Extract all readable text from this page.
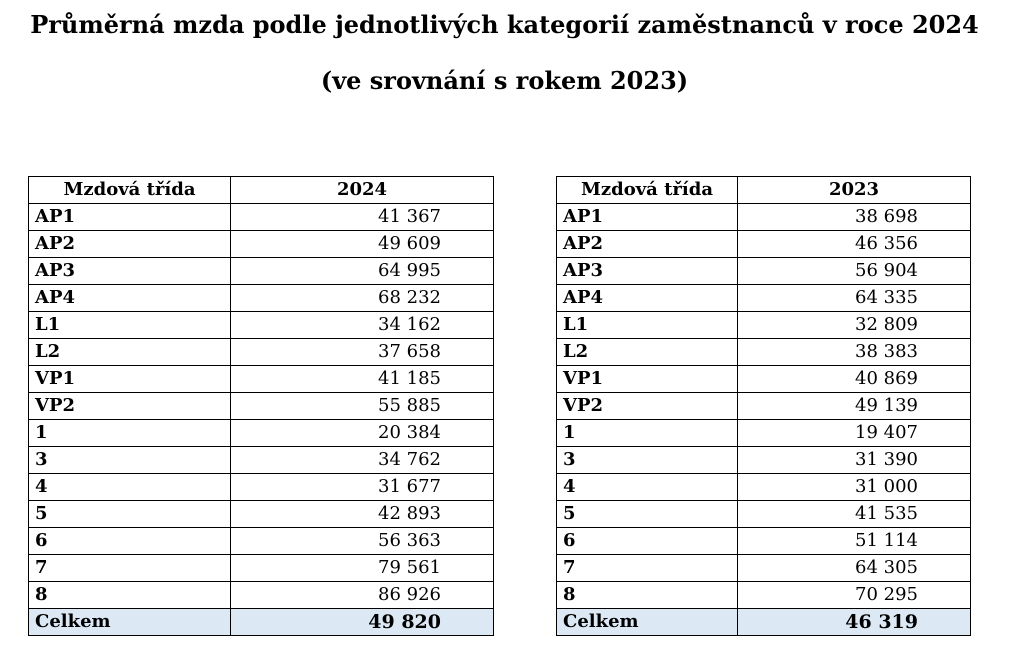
Průměrná mzda podle jednotlivých kategorií zaměstnanců v roce 2024
(ve srovnání s rokem 2023)
Mzdová třída	2024
AP1	41 367
AP2	49 609
AP3	64 995
AP4	68 232
L1	34 162
L2	37 658
VP1	41 185
VP2	55 885
1	20 384
3	34 762
4	31 677
5	42 893
6	56 363
7	79 561
8	86 926
Celkem	49 820
Mzdová třída	2023
AP1	38 698
AP2	46 356
AP3	56 904
AP4	64 335
L1	32 809
L2	38 383
VP1	40 869
VP2	49 139
1	19 407
3	31 390
4	31 000
5	41 535
6	51 114
7	64 305
8	70 295
Celkem	46 319
